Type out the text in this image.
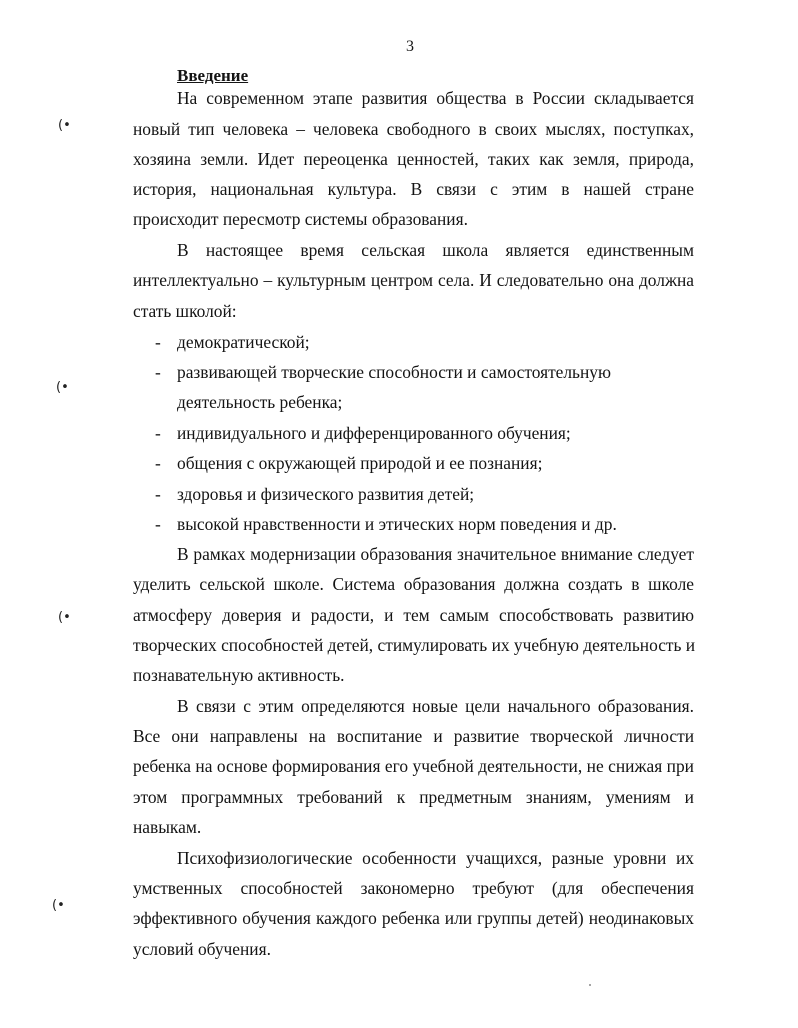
3
Введение
(•
(•
(•
(•
На современном этапе развития общества в России складывается
новый тип человека – человека свободного в своих мыслях, поступках,
хозяина земли. Идет переоценка ценностей, таких как земля, природа,
история, национальная культура. В связи с этим в нашей стране
происходит пересмотр системы образования.
В настоящее время сельская школа является единственным
интеллектуально – культурным центром села. И следовательно она должна
стать школой:
- демократической;
- развивающей творческие способности и самостоятельную
деятельность ребенка;
- индивидуального и дифференцированного обучения;
- общения с окружающей природой и ее познания;
- здоровья и физического развития детей;
- высокой нравственности и этических норм поведения и др.
В рамках модернизации образования значительное внимание следует
уделить сельской школе. Система образования должна создать в школе
атмосферу доверия и радости, и тем самым способствовать развитию
творческих способностей детей, стимулировать их учебную деятельность и
познавательную активность.
В связи с этим определяются новые цели начального образования.
Все они направлены на воспитание и развитие творческой личности
ребенка на основе формирования его учебной деятельности, не снижая при
этом программных требований к предметным знаниям, умениям и
навыкам.
Психофизиологические особенности учащихся, разные уровни их
умственных способностей закономерно требуют (для обеспечения
эффективного обучения каждого ребенка или группы детей) неодинаковых
условий обучения.
